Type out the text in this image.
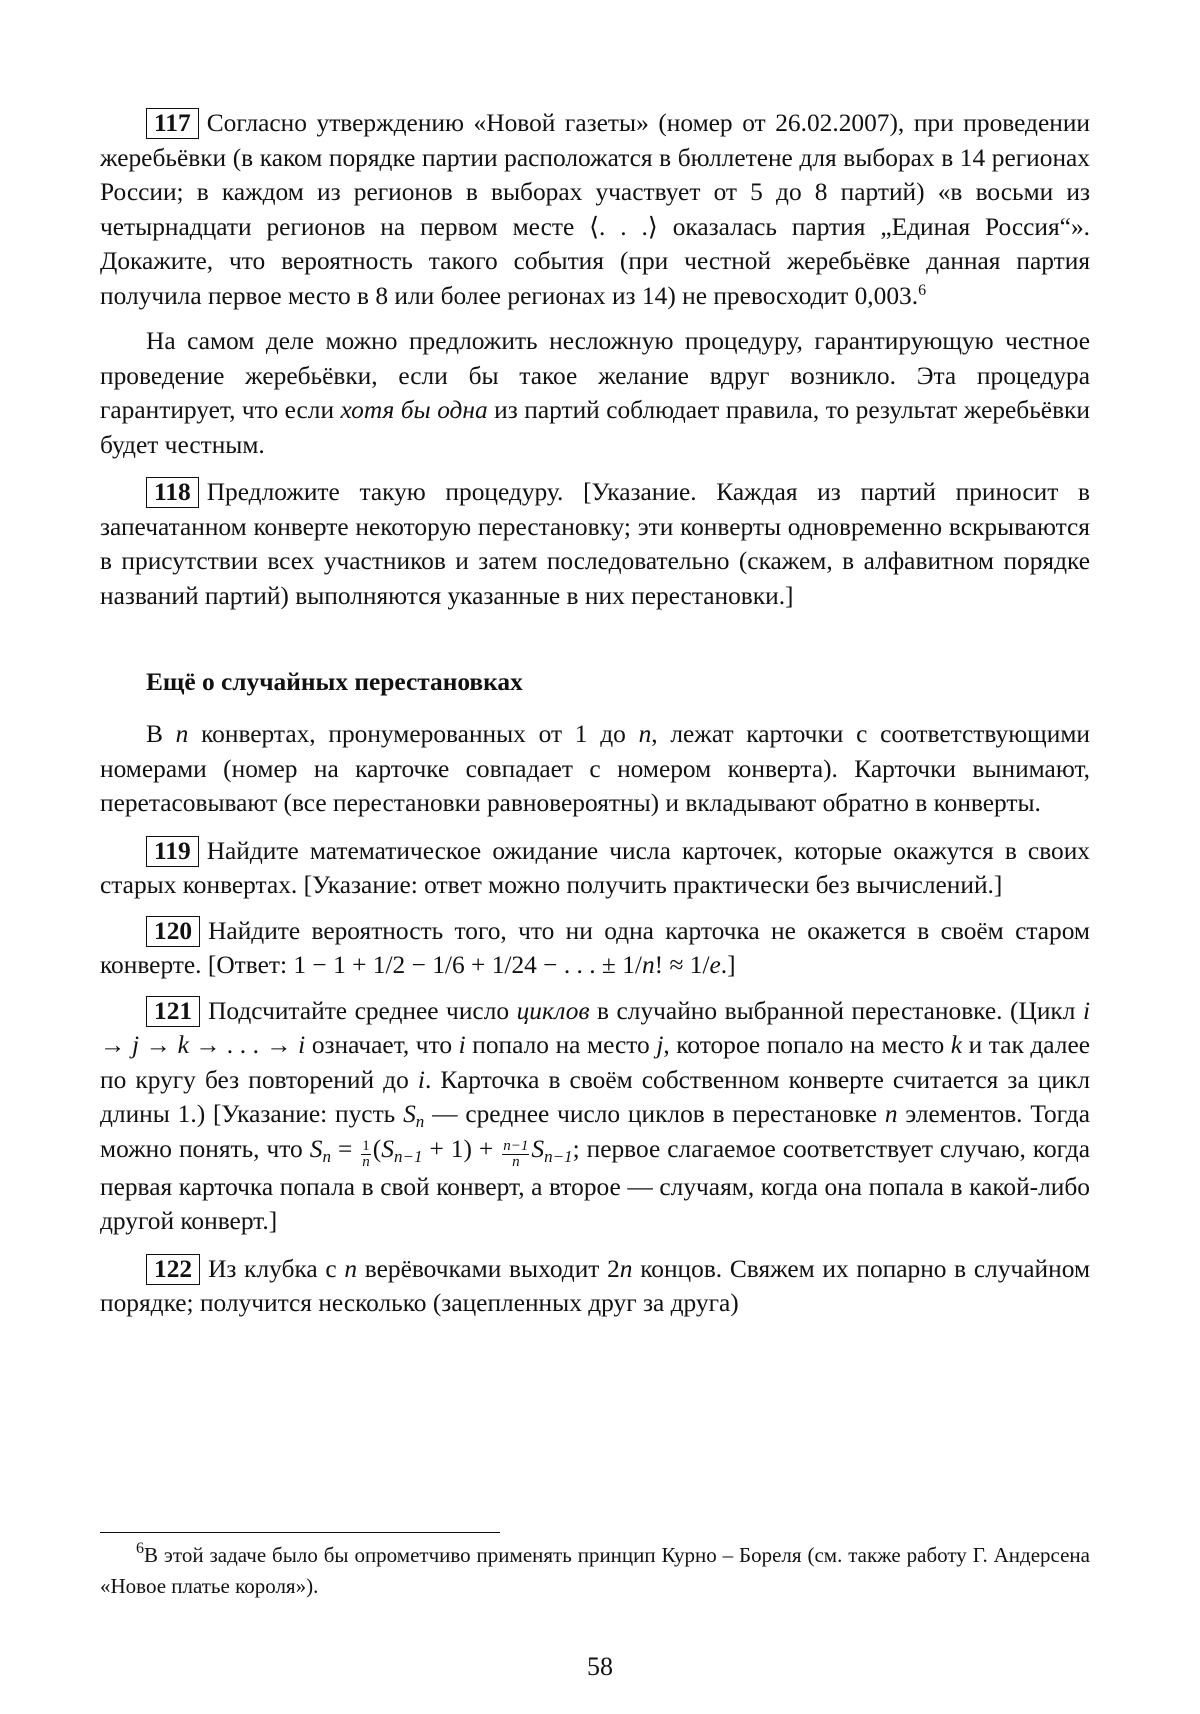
117 Согласно утверждению «Новой газеты» (номер от 26.02.2007), при проведении жеребьёвки (в каком порядке партии расположатся в бюллетене для выборах в 14 регионах России; в каждом из регионов в выборах участвует от 5 до 8 партий) «в восьми из четырнадцати регионов на первом месте ⟨. . .⟩ оказалась партия „Единая Россия“». Докажите, что вероятность такого события (при честной жеребьёвке данная партия получила первое место в 8 или более регионах из 14) не превосходит 0,003.$^6$

На самом деле можно предложить несложную процедуру, гарантирующую честное проведение жеребьёвки, если бы такое желание вдруг возникло. Эта процедура гарантирует, что если хотя бы одна из партий соблюдает правила, то результат жеребьёвки будет честным.

118 Предложите такую процедуру. [Указание. Каждая из партий приносит в запечатанном конверте некоторую перестановку; эти конверты одновременно вскрываются в присутствии всех участников и затем последовательно (скажем, в алфавитном порядке названий партий) выполняются указанные в них перестановки.]

Ещё о случайных перестановках

В n конвертах, пронумерованных от 1 до n, лежат карточки с соответствующими номерами (номер на карточке совпадает с номером конверта). Карточки вынимают, перетасовывают (все перестановки равновероятны) и вкладывают обратно в конверты.

119 Найдите математическое ожидание числа карточек, которые окажутся в своих старых конвертах. [Указание: ответ можно получить практически без вычислений.]

120 Найдите вероятность того, что ни одна карточка не окажется в своём старом конверте. [Ответ: 1 − 1 + 1/2 − 1/6 + 1/24 − . . . ± 1/n! ≈ 1/e.]

121 Подсчитайте среднее число циклов в случайно выбранной перестановке. (Цикл i → j → k → . . . → i означает, что i попало на место j, которое попало на место k и так далее по кругу без повторений до i. Карточка в своём собственном конверте считается за цикл длины 1.) [Указание: пусть $S_n$ — среднее число циклов в перестановке n элементов. Тогда можно понять, что $S_n = \frac{1}{n} (S_{n-1} + 1) + \frac{n-1}{n} S_{n-1}$; первое слагаемое соответствует случаю, когда первая карточка попала в свой конверт, а второе — случаям, когда она попала в какой-либо другой конверт.]

122 Из клубка с n верёвочками выходит 2n концов. Свяжем их попарно в случайном порядке; получится несколько (зацепленных друг за друга)

$^6$В этой задаче было бы опрометчиво применять принцип Курно – Бореля (см. также работу Г. Андерсена «Новое платье короля»).
58
